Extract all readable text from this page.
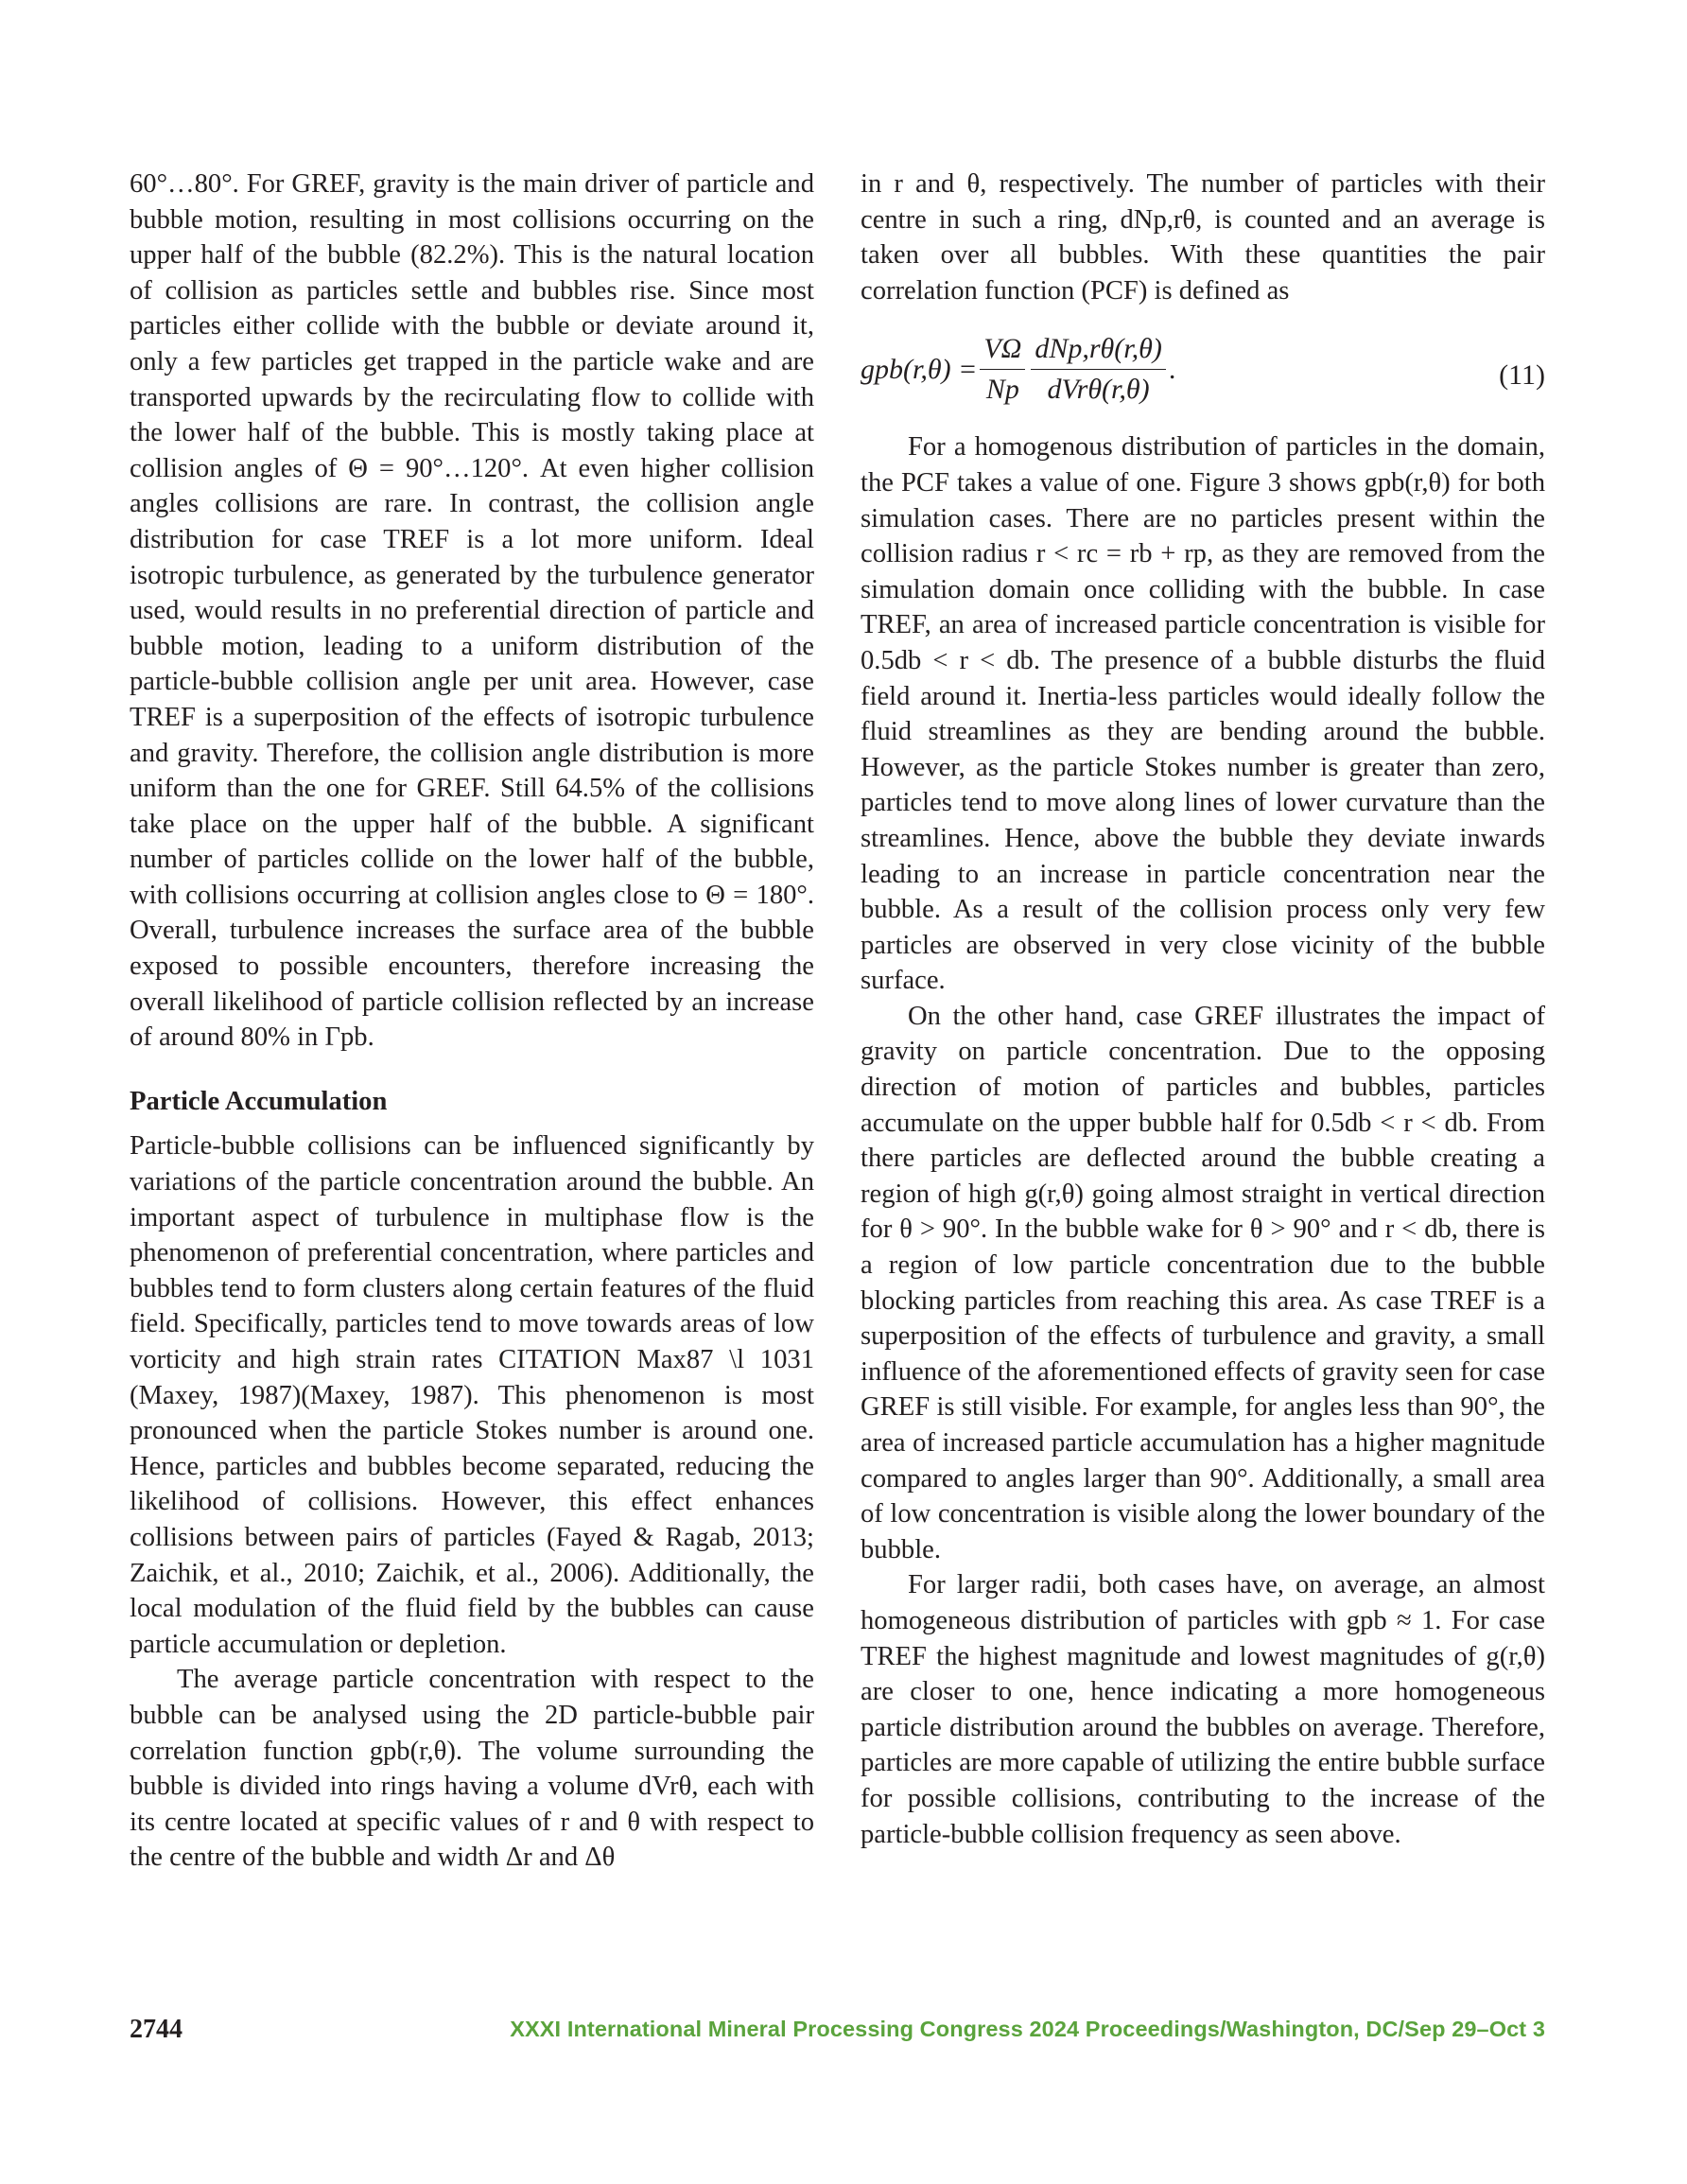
60°…80°. For GREF, gravity is the main driver of particle and bubble motion, resulting in most collisions occurring on the upper half of the bubble (82.2%). This is the natural location of collision as particles settle and bubbles rise. Since most particles either collide with the bubble or deviate around it, only a few particles get trapped in the particle wake and are transported upwards by the recirculating flow to collide with the lower half of the bubble. This is mostly taking place at collision angles of Θ = 90°…120°. At even higher collision angles collisions are rare. In contrast, the collision angle distribution for case TREF is a lot more uniform. Ideal isotropic turbulence, as generated by the turbulence generator used, would results in no preferential direction of particle and bubble motion, leading to a uniform distribution of the particle-bubble collision angle per unit area. However, case TREF is a superposition of the effects of isotropic turbulence and gravity. Therefore, the collision angle distribution is more uniform than the one for GREF. Still 64.5% of the collisions take place on the upper half of the bubble. A significant number of particles collide on the lower half of the bubble, with collisions occurring at collision angles close to Θ = 180°. Overall, turbulence increases the surface area of the bubble exposed to possible encounters, therefore increasing the overall likelihood of particle collision reflected by an increase of around 80% in Γpb.

Particle Accumulation

Particle-bubble collisions can be influenced significantly by variations of the particle concentration around the bubble. An important aspect of turbulence in multiphase flow is the phenomenon of preferential concentration, where particles and bubbles tend to form clusters along certain features of the fluid field. Specifically, particles tend to move towards areas of low vorticity and high strain rates CITATION Max87 \l 1031 (Maxey, 1987)(Maxey, 1987). This phenomenon is most pronounced when the particle Stokes number is around one. Hence, particles and bubbles become separated, reducing the likelihood of collisions. However, this effect enhances collisions between pairs of particles (Fayed & Ragab, 2013; Zaichik, et al., 2010; Zaichik, et al., 2006). Additionally, the local modulation of the fluid field by the bubbles can cause particle accumulation or depletion.

The average particle concentration with respect to the bubble can be analysed using the 2D particle-bubble pair correlation function gpb(r,θ). The volume surrounding the bubble is divided into rings having a volume dVrθ, each with its centre located at specific values of r and θ with respect to the centre of the bubble and width Δr and Δθ

in r and θ, respectively. The number of particles with their centre in such a ring, dNp,rθ, is counted and an average is taken over all bubbles. With these quantities the pair correlation function (PCF) is defined as

$gpb(r,\theta) = \frac{V\Omega}{Np} \frac{\text{dNp,rθ(r,θ)}}{\text{dVrθ(r,θ)}}$ .	(11)

For a homogenous distribution of particles in the domain, the PCF takes a value of one. Figure 3 shows gpb(r,θ) for both simulation cases. There are no particles present within the collision radius r < rc = rb + rp, as they are removed from the simulation domain once colliding with the bubble. In case TREF, an area of increased particle concentration is visible for 0.5db < r < db. The presence of a bubble disturbs the fluid field around it. Inertia-less particles would ideally follow the fluid streamlines as they are bending around the bubble. However, as the particle Stokes number is greater than zero, particles tend to move along lines of lower curvature than the streamlines. Hence, above the bubble they deviate inwards leading to an increase in particle concentration near the bubble. As a result of the collision process only very few particles are observed in very close vicinity of the bubble surface.

On the other hand, case GREF illustrates the impact of gravity on particle concentration. Due to the opposing direction of motion of particles and bubbles, particles accumulate on the upper bubble half for 0.5db < r < db. From there particles are deflected around the bubble creating a region of high g(r,θ) going almost straight in vertical direction for θ > 90°. In the bubble wake for θ > 90° and r < db, there is a region of low particle concentration due to the bubble blocking particles from reaching this area. As case TREF is a superposition of the effects of turbulence and gravity, a small influence of the aforementioned effects of gravity seen for case GREF is still visible. For example, for angles less than 90°, the area of increased particle accumulation has a higher magnitude compared to angles larger than 90°. Additionally, a small area of low concentration is visible along the lower boundary of the bubble.

For larger radii, both cases have, on average, an almost homogeneous distribution of particles with gpb ≈ 1. For case TREF the highest magnitude and lowest magnitudes of g(r,θ) are closer to one, hence indicating a more homogeneous particle distribution around the bubbles on average. Therefore, particles are more capable of utilizing the entire bubble surface for possible collisions, contributing to the increase of the particle-bubble collision frequency as seen above.

2744	XXXI International Mineral Processing Congress 2024 Proceedings/Washington, DC/Sep 29–Oct 3
